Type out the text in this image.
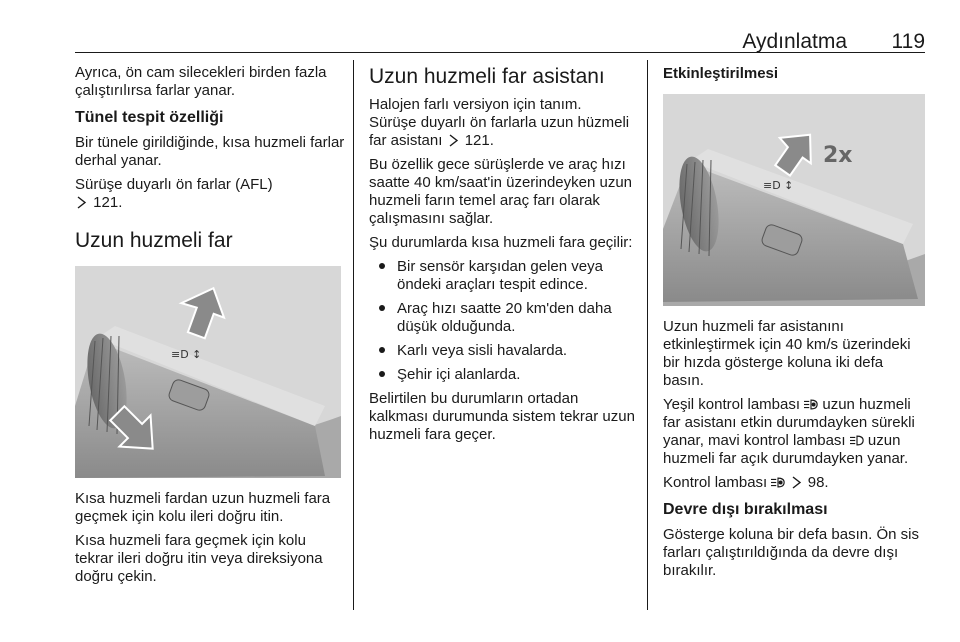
Aydınlatma 119

Ayrıca, ön cam silecekleri birden fazla çalıştırılırsa farlar yanar.

Tünel tespit özelliği

Bir tünele girildiğinde, kısa huzmeli farlar derhal yanar.

Sürüşe duyarlı ön farlar (AFL)
121.

Uzun huzmeli far
≡D ↕

Kısa huzmeli fardan uzun huzmeli fara geçmek için kolu ileri doğru itin.

Kısa huzmeli fara geçmek için kolu tekrar ileri doğru itin veya direksiyona doğru çekin.

Uzun huzmeli far asistanı

Halojen farlı versiyon için tanım.
Sürüşe duyarlı ön farlarla uzun hüzmeli far asistanı 121.

Bu özellik gece sürüşlerde ve araç hızı saatte 40 km/saat'in üzerindeyken uzun huzmeli farın temel araç farı olarak çalışmasını sağlar.

Şu durumlarda kısa huzmeli fara geçilir:

Bir sensör karşıdan gelen veya öndeki araçları tespit edince.
Araç hızı saatte 20 km'den daha düşük olduğunda.
Karlı veya sisli havalarda.
Şehir içi alanlarda.

Belirtilen bu durumların ortadan kalkması durumunda sistem tekrar uzun huzmeli fara geçer.

Etkinleştirilmesi
≡D ↕
2x

Uzun huzmeli far asistanını etkinleştirmek için 40 km/s üzerindeki bir hızda gösterge koluna iki defa basın.

Yeşil kontrol lambası uzun huzmeli far asistanı etkin durumdayken sürekli yanar, mavi kontrol lambası uzun huzmeli far açık durumdayken yanar.

Kontrol lambası	98.

Devre dışı bırakılması

Gösterge koluna bir defa basın. Ön sis farları çalıştırıldığında da devre dışı bırakılır.
